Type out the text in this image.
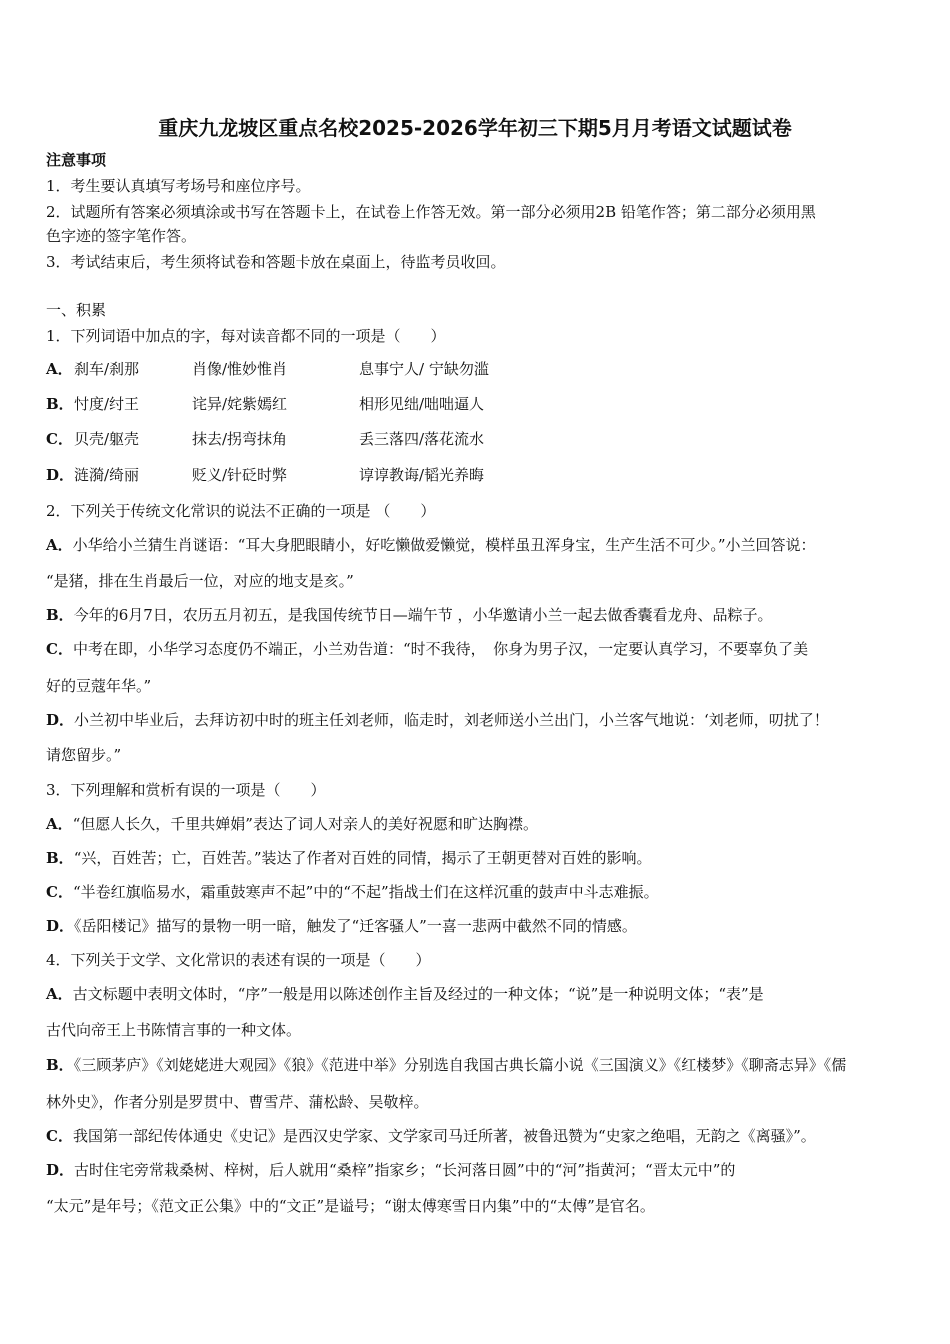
重庆九龙坡区重点名校2025-2026学年初三下期5月月考语文试题试卷
注意事项
1．考生要认真填写考场号和座位序号。
2．试题所有答案必须填涂或书写在答题卡上，在试卷上作答无效。第一部分必须用2B 铅笔作答；第二部分必须用黑
色字迹的签字笔作答。
3．考试结束后，考生须将试卷和答题卡放在桌面上，待监考员收回。
一、积累
1．下列词语中加点的字，每对读音都不同的一项是（　　）
A． 刹车/刹那	肖像/惟妙惟肖	息事宁人/ 宁缺勿滥
B． 忖度/纣王	诧异/姹紫嫣红	相形见绌/咄咄逼人
C． 贝壳/躯壳	抹去/拐弯抹角	丢三落四/落花流水
D． 涟漪/绮丽	贬义/针砭时弊	谆谆教诲/韬光养晦
2．下列关于传统文化常识的说法不正确的一项是 （　　）
A．小华给小兰猜生肖谜语：“耳大身肥眼睛小，好吃懒做爱懒觉，模样虽丑浑身宝，生产生活不可少。”小兰回答说：
“是猪，排在生肖最后一位，对应的地支是亥。”
B．今年的6月7日，农历五月初五，是我国传统节日—端午节 ，小华邀请小兰一起去做香囊看龙舟、品粽子。
C．中考在即，小华学习态度仍不端正，小兰劝告道：“时不我待，　你身为男子汉，一定要认真学习，不要辜负了美
好的豆蔻年华。”
D．小兰初中毕业后，去拜访初中时的班主任刘老师，临走时，刘老师送小兰出门，小兰客气地说：‘刘老师，叨扰了！
请您留步。”
3．下列理解和赏析有误的一项是（　　）
A．“但愿人长久，千里共婵娟”表达了词人对亲人的美好祝愿和旷达胸襟。
B．“兴，百姓苦；亡，百姓苦。”装达了作者对百姓的同情，揭示了王朝更替对百姓的影响。
C．“半卷红旗临易水，霜重鼓寒声不起”中的“不起”指战士们在这样沉重的鼓声中斗志难振。
D．《岳阳楼记》描写的景物一明一暗，触发了“迁客骚人”一喜一悲两中截然不同的情感。
4．下列关于文学、文化常识的表述有误的一项是（　　）
A．古文标题中表明文体时，“序”一般是用以陈述创作主旨及经过的一种文体；“说”是一种说明文体；“表”是
古代向帝王上书陈情言事的一种文体。
B．《三顾茅庐》《刘姥姥进大观园》《狼》《范进中举》分别选自我国古典长篇小说《三国演义》《红楼梦》《聊斋志异》《儒
林外史》，作者分别是罗贯中、曹雪芹、蒲松龄、吴敬梓。
C．我国第一部纪传体通史《史记》是西汉史学家、文学家司马迁所著，被鲁迅赞为“史家之绝唱，无韵之《离骚》”。
D．古时住宅旁常栽桑树、梓树，后人就用“桑梓”指家乡；“长河落日圆”中的“河”指黄河；“晋太元中”的
“太元”是年号；《范文正公集》中的“文正”是谥号；“谢太傅寒雪日内集”中的“太傅”是官名。
